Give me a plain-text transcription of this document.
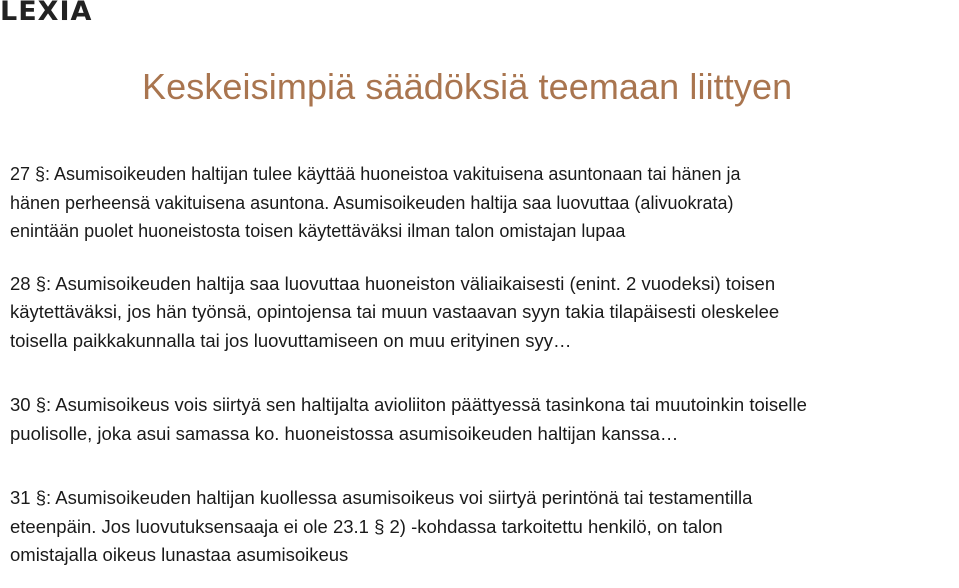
LEXIA
Keskeisimpiä säädöksiä teemaan liittyen

27 §: Asumisoikeuden haltijan tulee käyttää huoneistoa vakituisena asuntonaan tai hänen ja
hänen perheensä vakituisena asuntona. Asumisoikeuden haltija saa luovuttaa (alivuokrata)
enintään puolet huoneistosta toisen käytettäväksi ilman talon omistajan lupaa

28 §: Asumisoikeuden haltija saa luovuttaa huoneiston väliaikaisesti (enint. 2 vuodeksi) toisen
käytettäväksi, jos hän työnsä, opintojensa tai muun vastaavan syyn takia tilapäisesti oleskelee
toisella paikkakunnalla tai jos luovuttamiseen on muu erityinen syy…

30 §: Asumisoikeus vois siirtyä sen haltijalta avioliiton päättyessä tasinkona tai muutoinkin toiselle
puolisolle, joka asui samassa ko. huoneistossa asumisoikeuden haltijan kanssa…

31 §: Asumisoikeuden haltijan kuollessa asumisoikeus voi siirtyä perintönä tai testamentilla
eteenpäin. Jos luovutuksensaaja ei ole 23.1 § 2) -kohdassa tarkoitettu henkilö, on talon
omistajalla oikeus lunastaa asumisoikeus
